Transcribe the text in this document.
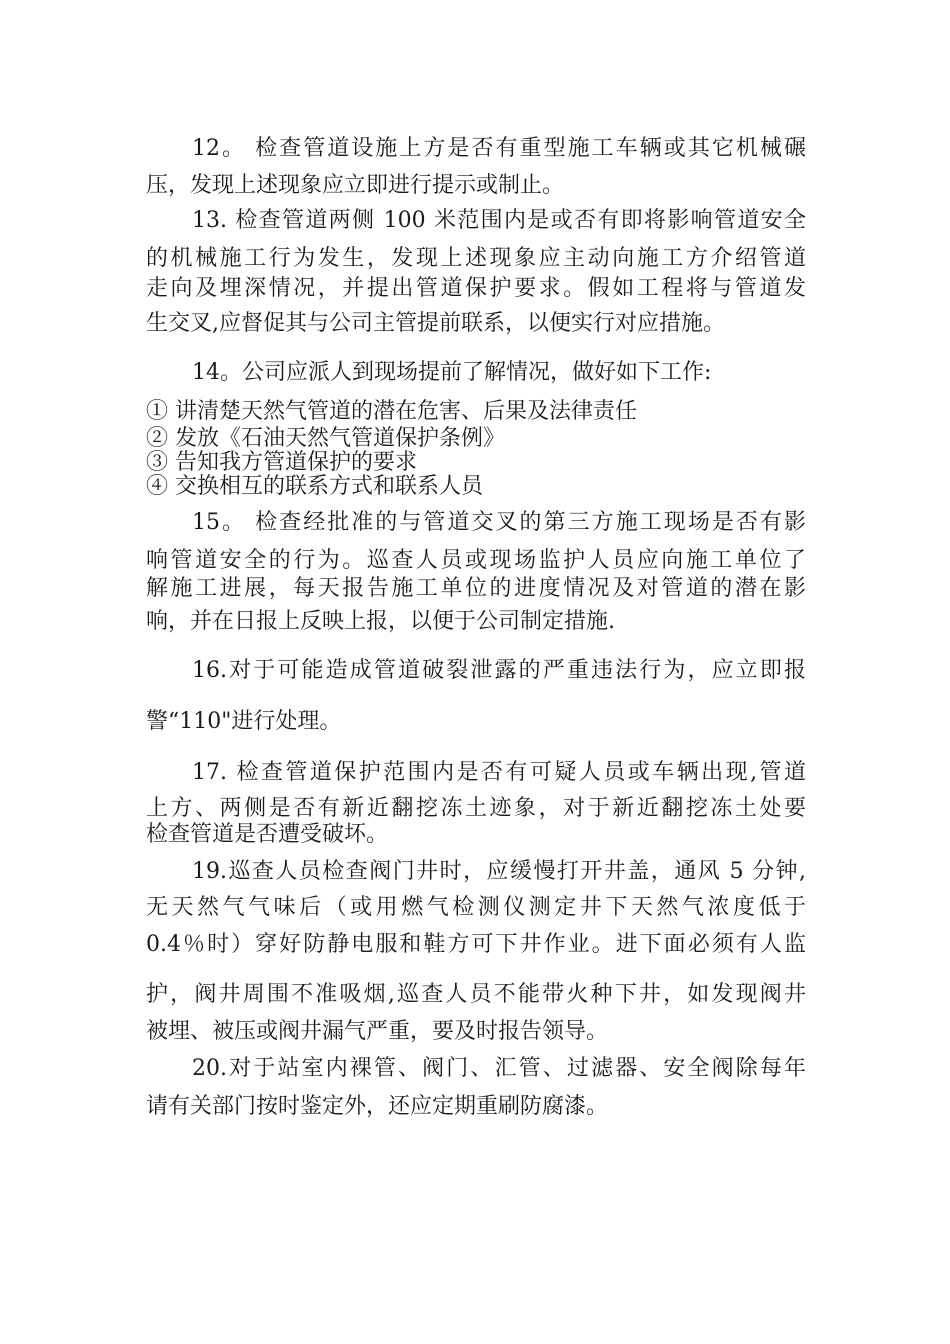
12。 检查管道设施上方是否有重型施工车辆或其它机械碾
压，发现上述现象应立即进行提示或制止。
13. 检查管道两侧 100 米范围内是或否有即将影响管道安全
的机械施工行为发生，发现上述现象应主动向施工方介绍管道
走向及埋深情况，并提出管道保护要求。假如工程将与管道发
生交叉,应督促其与公司主管提前联系，以便实行对应措施。
14。公司应派人到现场提前了解情况，做好如下工作:
① 讲清楚天然气管道的潜在危害、后果及法律责任
② 发放《石油天然气管道保护条例》
③ 告知我方管道保护的要求
④ 交换相互的联系方式和联系人员
15。 检查经批准的与管道交叉的第三方施工现场是否有影
响管道安全的行为。巡查人员或现场监护人员应向施工单位了
解施工进展，每天报告施工单位的进度情况及对管道的潜在影
响，并在日报上反映上报，以便于公司制定措施.
16.对于可能造成管道破裂泄露的严重违法行为，应立即报
警“110"进行处理。
17. 检查管道保护范围内是否有可疑人员或车辆出现,管道
上方、两侧是否有新近翻挖冻土迹象，对于新近翻挖冻土处要
检查管道是否遭受破坏。
19.巡查人员检查阀门井时，应缓慢打开井盖，通风 5 分钟,
无天然气气味后（或用燃气检测仪测定井下天然气浓度低于
0.4％时）穿好防静电服和鞋方可下井作业。进下面必须有人监
护，阀井周围不准吸烟,巡查人员不能带火种下井，如发现阀井
被埋、被压或阀井漏气严重，要及时报告领导。
20.对于站室内裸管、阀门、汇管、过滤器、安全阀除每年
请有关部门按时鉴定外，还应定期重刷防腐漆。
